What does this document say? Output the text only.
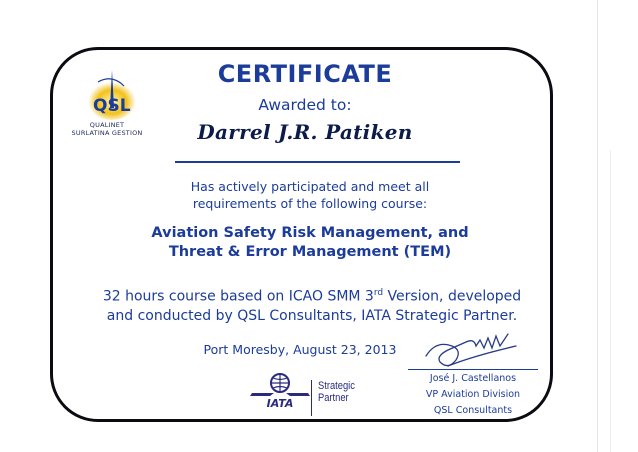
QSL
QUALINET
SURLATINA GESTION
CERTIFICATE
Awarded to:
Darrel J.R. Patiken
Has actively participated and meet all
requirements of the following course:
Aviation Safety Risk Management, and
Threat & Error Management (TEM)
32 hours course based on ICAO SMM 3rd Version, developed
and conducted by QSL Consultants, IATA Strategic Partner.
Port Moresby, August 23, 2013
José J. Castellanos
VP Aviation Division
QSL Consultants
IATA
Strategic
Partner
